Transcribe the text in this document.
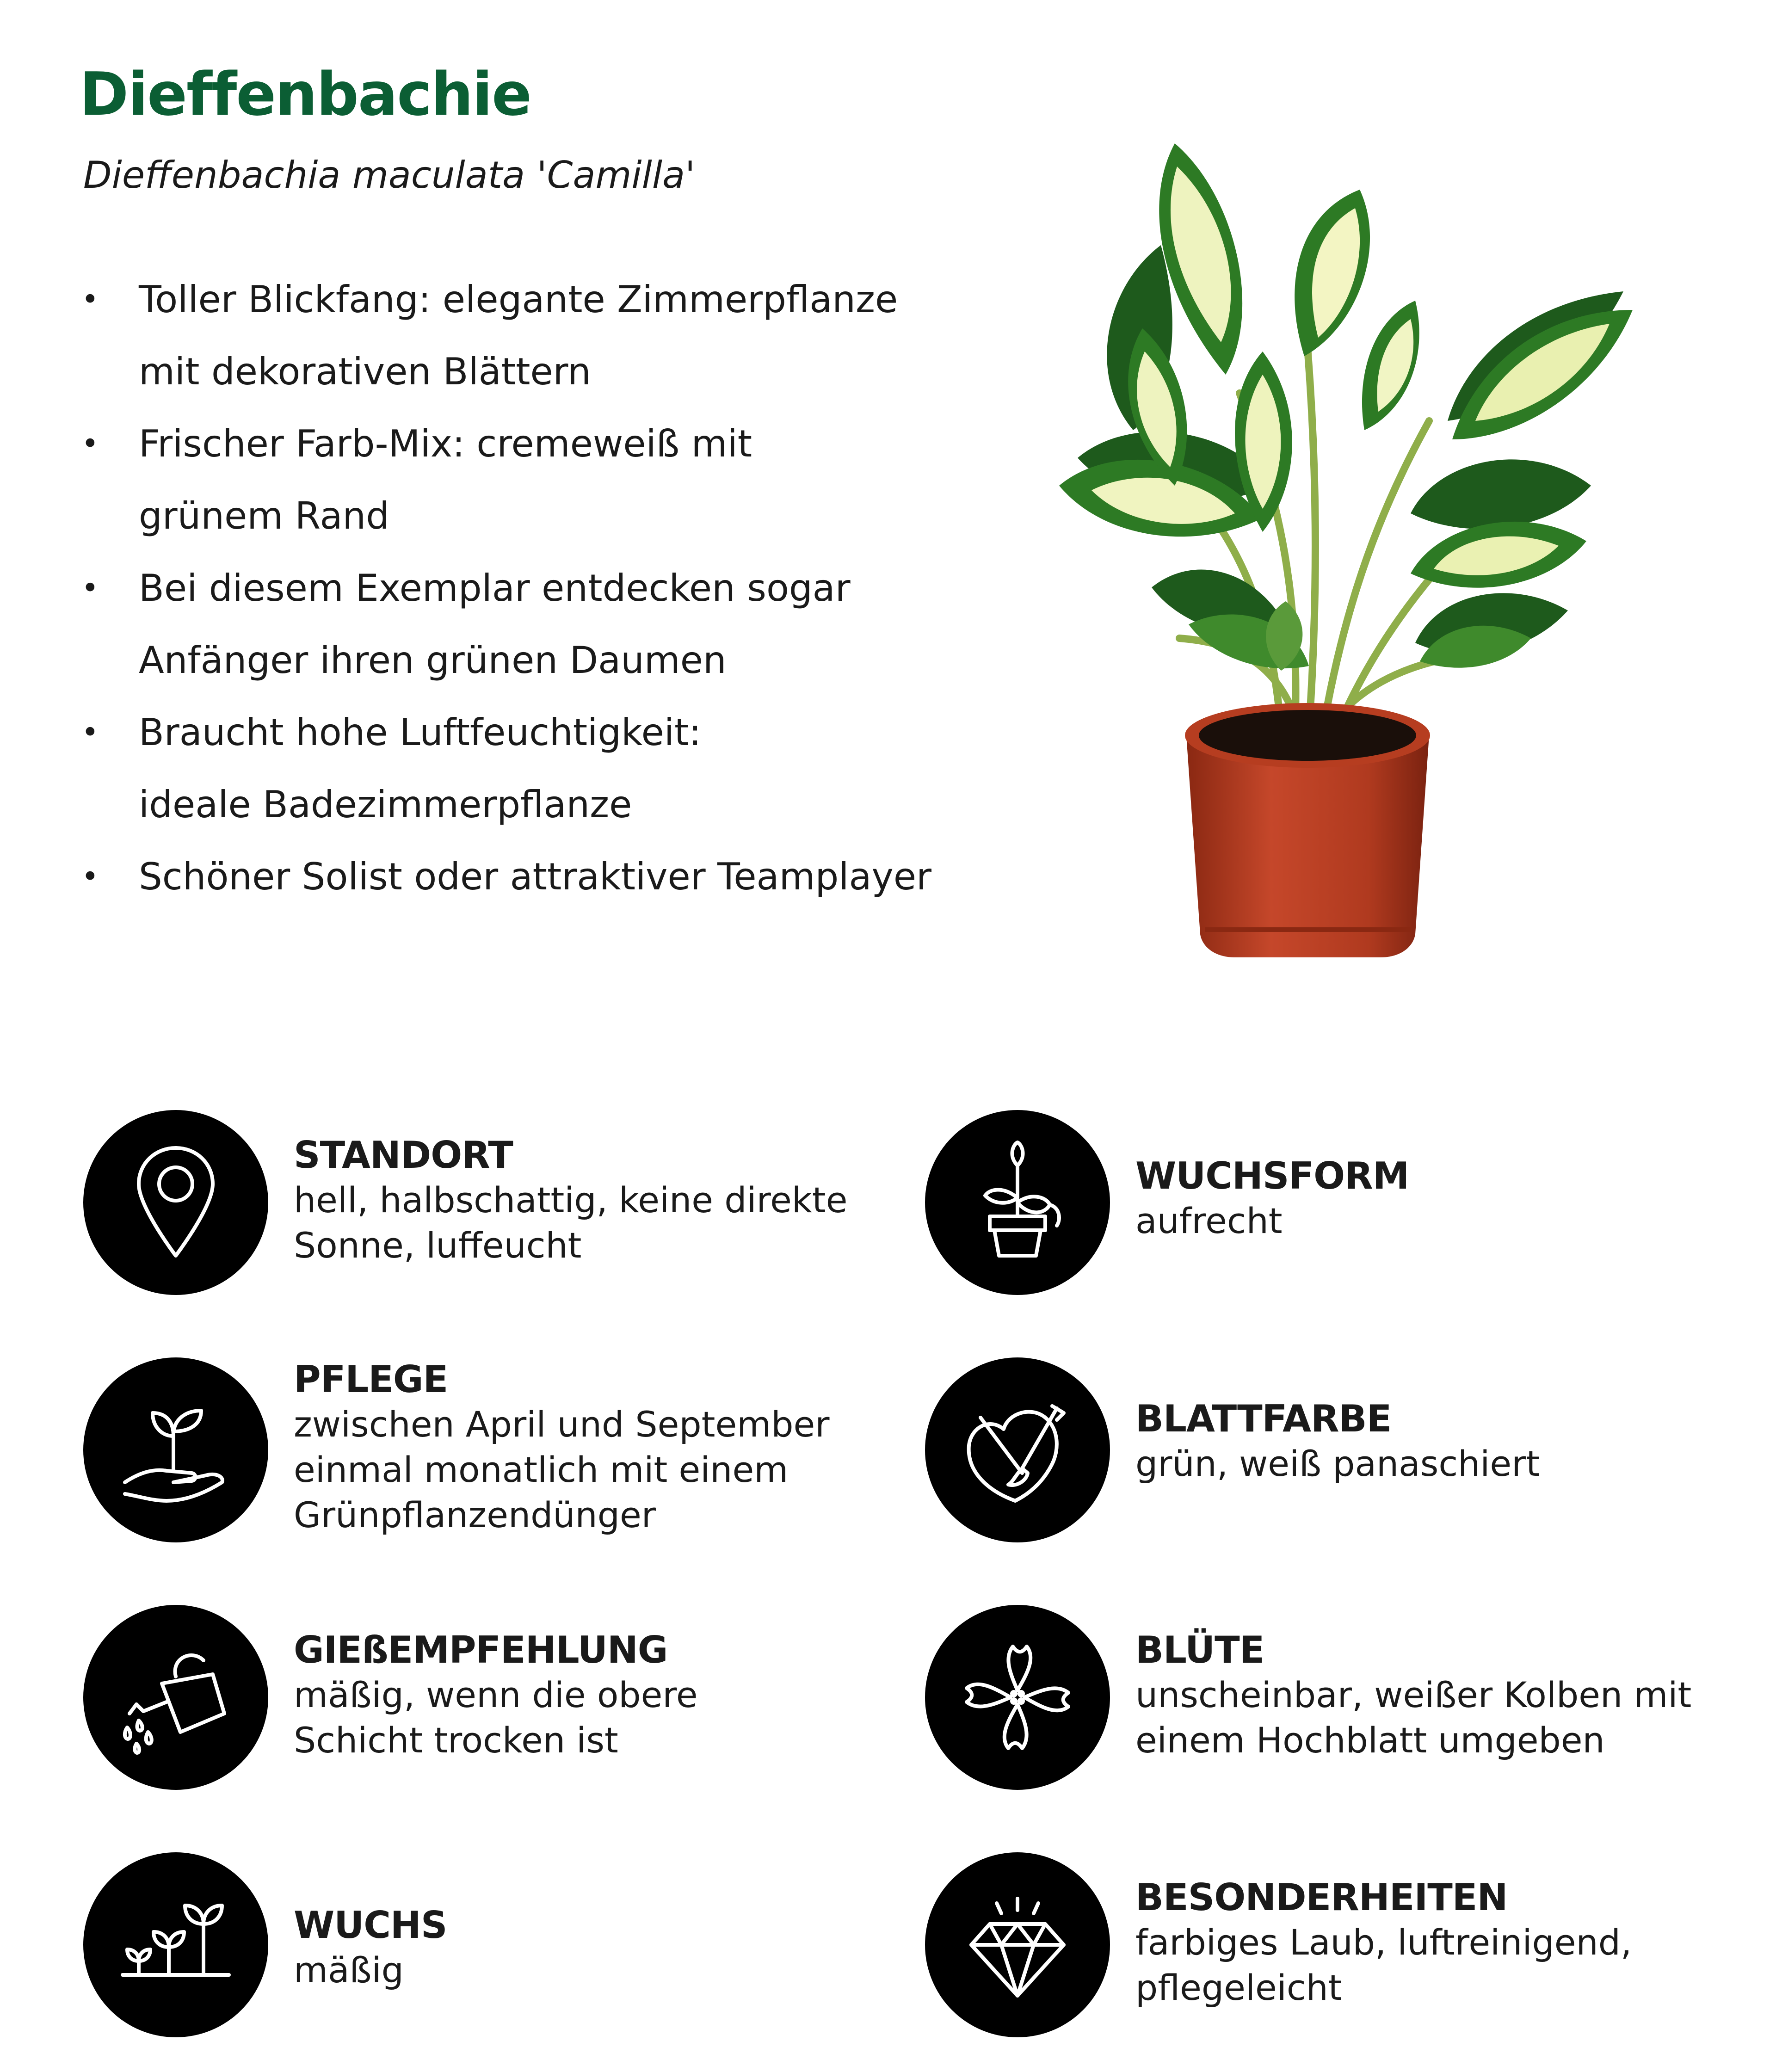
Dieffenbachie
Dieffenbachia maculata 'Camilla'
• Toller Blickfang: elegante Zimmerpflanze
mit dekorativen Blättern
• Frischer Farb-Mix: cremeweiß mit
grünem Rand
• Bei diesem Exemplar entdecken sogar
Anfänger ihren grünen Daumen
• Braucht hohe Luftfeuchtigkeit:
ideale Badezimmerpflanze
• Schöner Solist oder attraktiver Teamplayer
STANDORT
hell, halbschattig, keine direkte
Sonne, luffeucht
WUCHSFORM
aufrecht
PFLEGE
zwischen April und September
einmal monatlich mit einem
Grünpflanzendünger
BLATTFARBE
grün, weiß panaschiert
GIEßEMPFEHLUNG
mäßig, wenn die obere
Schicht trocken ist
BLÜTE
unscheinbar, weißer Kolben mit
einem Hochblatt umgeben
WUCHS
mäßig
BESONDERHEITEN
farbiges Laub, luftreinigend,
pflegeleicht
